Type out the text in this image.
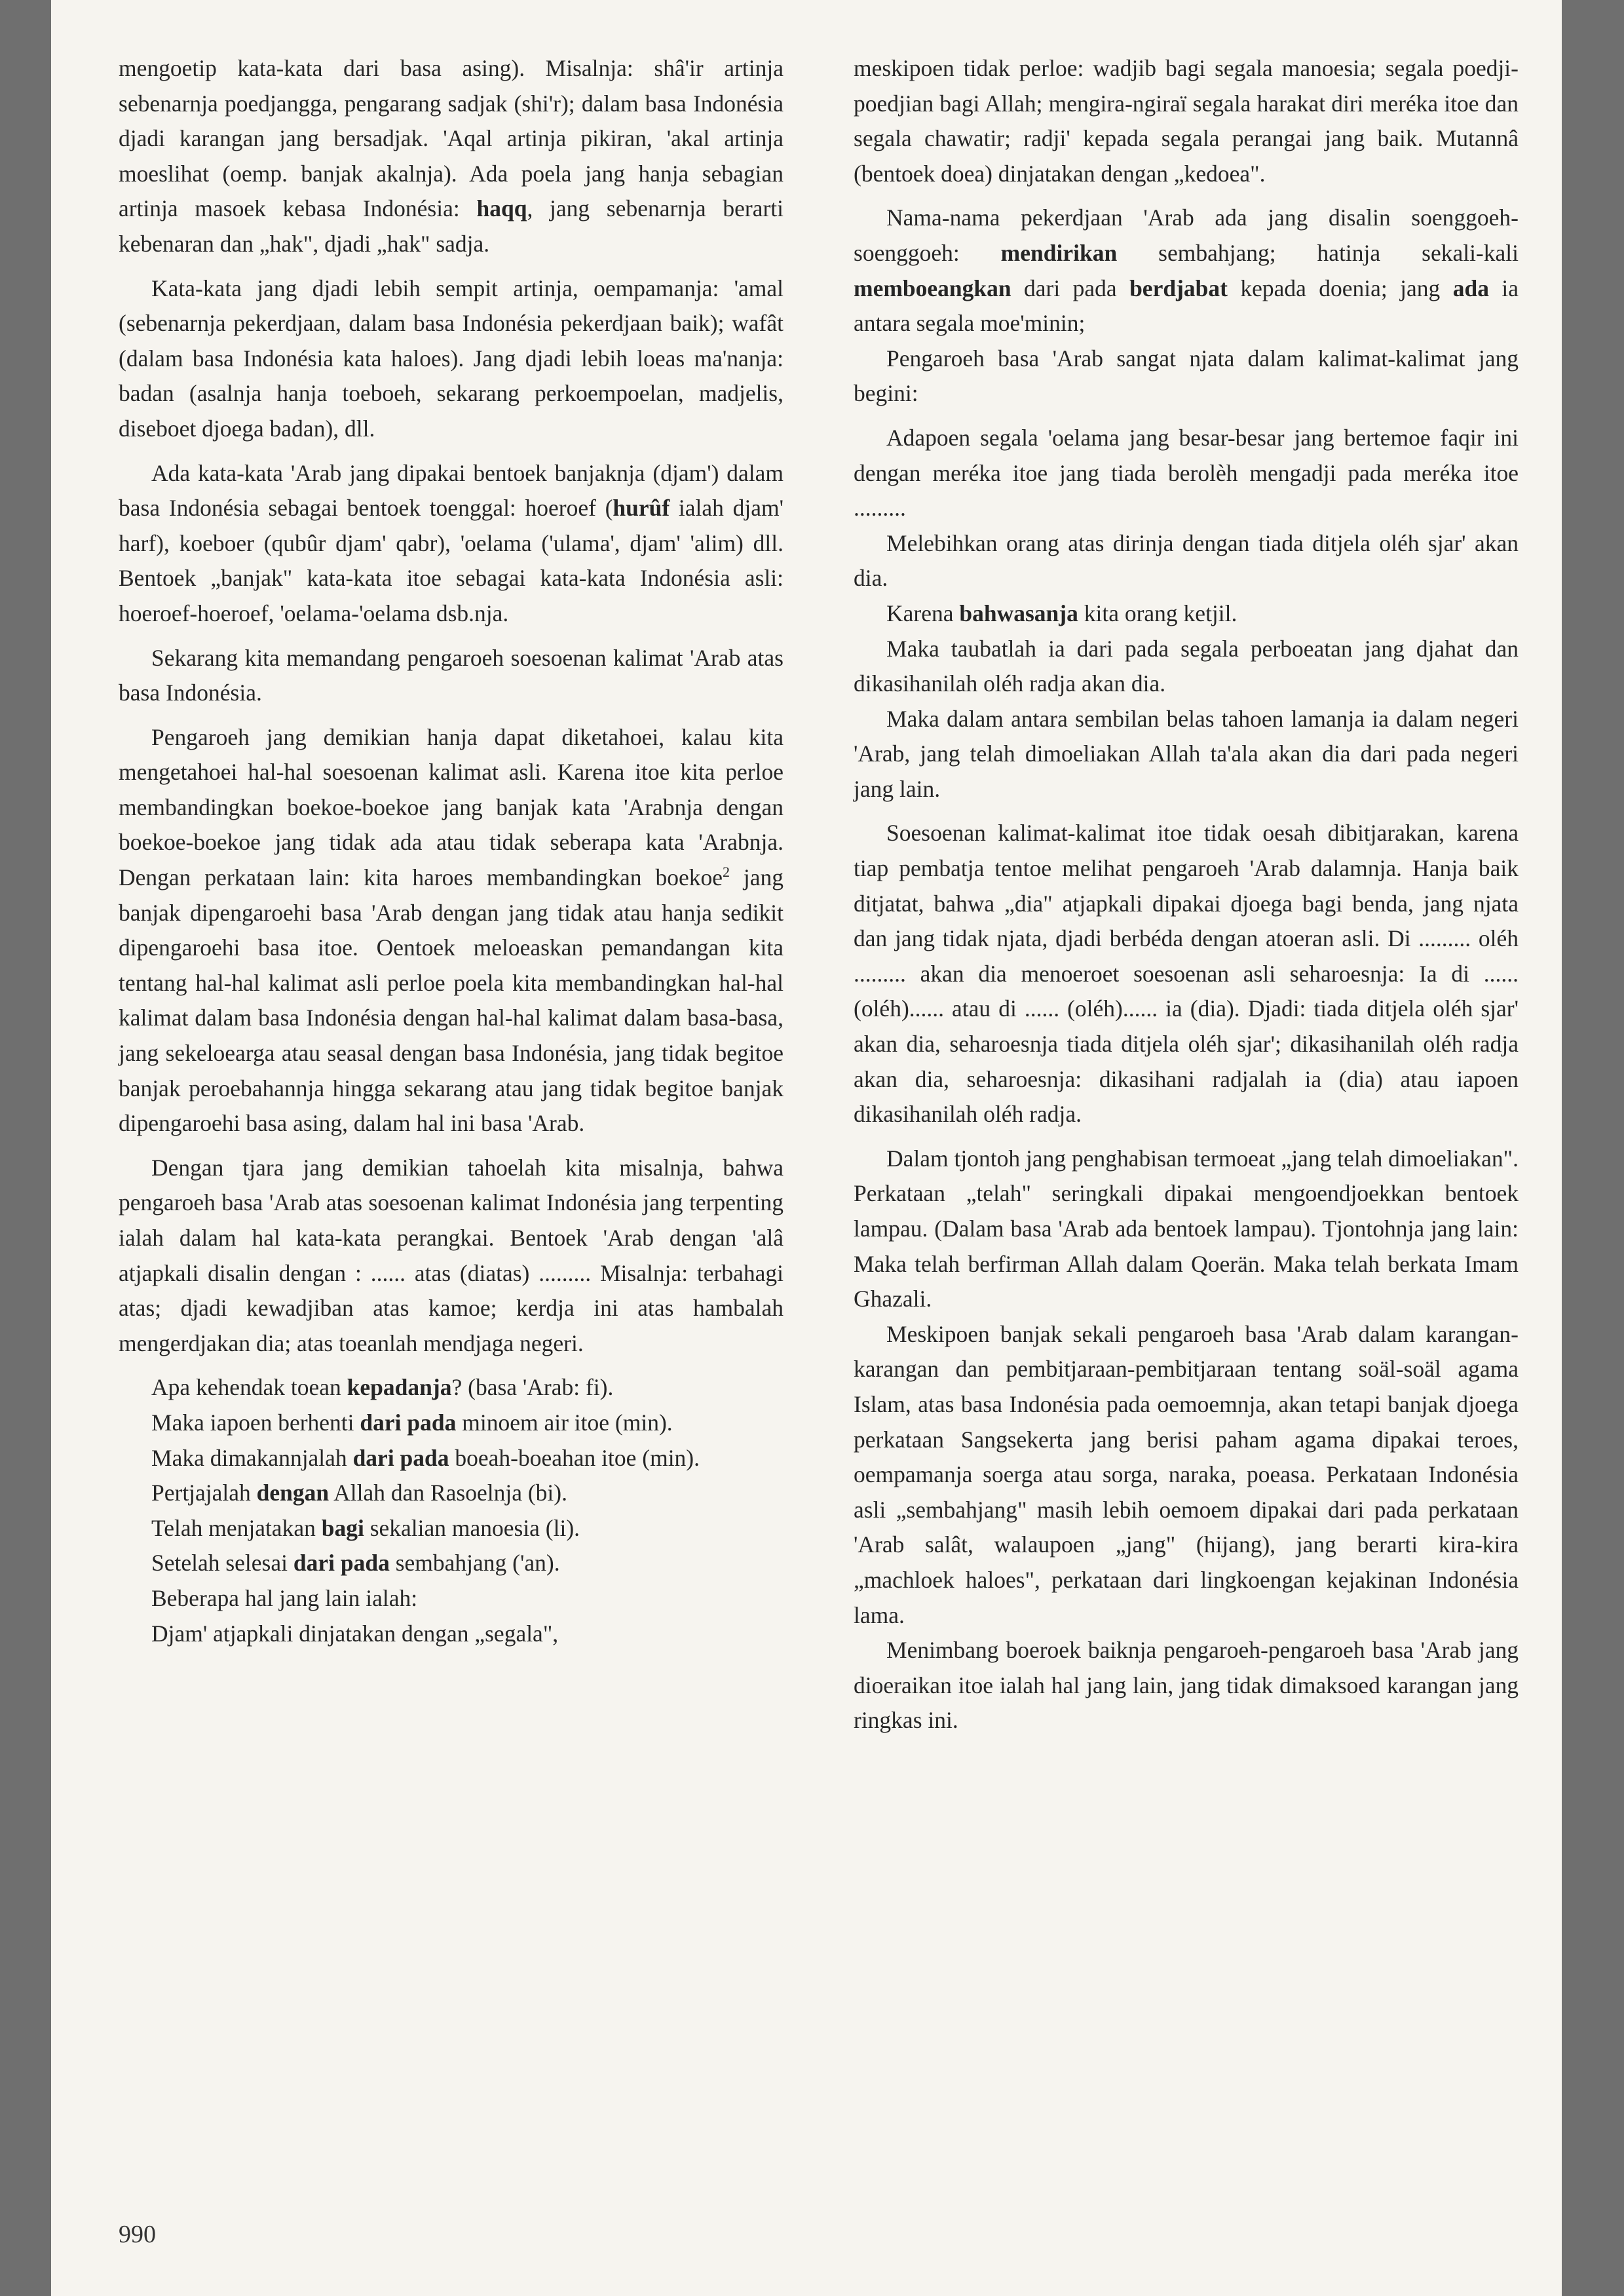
mengoetip kata-kata dari basa asing). Misalnja: shâ'ir artinja sebenarnja poedjangga, pengarang sadjak (shi'r); dalam basa Indonésia djadi karangan jang bersadjak. 'Aqal artinja pikiran, 'akal artinja moeslihat (oemp. banjak akalnja). Ada poela jang hanja sebagian artinja masoek kebasa Indonésia: haqq, jang sebenarnja berarti kebenaran dan „hak", djadi „hak" sadja.

Kata-kata jang djadi lebih sempit artinja, oempamanja: 'amal (sebenarnja pekerdjaan, dalam basa Indonésia pekerdjaan baik); wafât (dalam basa Indonésia kata haloes). Jang djadi lebih loeas ma'nanja: badan (asalnja hanja toeboeh, sekarang perkoempoelan, madjelis, diseboet djoega badan), dll.

Ada kata-kata 'Arab jang dipakai bentoek banjaknja (djam') dalam basa Indonésia sebagai bentoek toenggal: hoeroef (hurûf ialah djam' harf), koeboer (qubûr djam' qabr), 'oelama ('ulama', djam' 'alim) dll. Bentoek „banjak" kata-kata itoe sebagai kata-kata Indonésia asli: hoeroef-hoeroef, 'oelama-'oelama dsb.nja.

Sekarang kita memandang pengaroeh soesoenan kalimat 'Arab atas basa Indonésia.

Pengaroeh jang demikian hanja dapat diketahoei, kalau kita mengetahoei hal-hal soesoenan kalimat asli. Karena itoe kita perloe membandingkan boekoe-boekoe jang banjak kata 'Arabnja dengan boekoe-boekoe jang tidak ada atau tidak seberapa kata 'Arabnja. Dengan perkataan lain: kita haroes membandingkan boekoe$^2$ jang banjak dipengaroehi basa 'Arab dengan jang tidak atau hanja sedikit dipengaroehi basa itoe. Oentoek meloeaskan pemandangan kita tentang hal-hal kalimat asli perloe poela kita membandingkan hal-hal kalimat dalam basa Indonésia dengan hal-hal kalimat dalam basa-basa, jang sekeloearga atau seasal dengan basa Indonésia, jang tidak begitoe banjak peroebahannja hingga sekarang atau jang tidak begitoe banjak dipengaroehi basa asing, dalam hal ini basa 'Arab.

Dengan tjara jang demikian tahoelah kita misalnja, bahwa pengaroeh basa 'Arab atas soesoenan kalimat Indonésia jang terpenting ialah dalam hal kata-kata perangkai. Bentoek 'Arab dengan 'alâ atjapkali disalin dengan : ...... atas (diatas) ......... Misalnja: terbahagi atas; djadi kewadjiban atas kamoe; kerdja ini atas hambalah mengerdjakan dia; atas toeanlah mendjaga negeri.

Apa kehendak toean kepadanja? (basa 'Arab: fi).

Maka iapoen berhenti dari pada minoem air itoe (min).

Maka dimakannjalah dari pada boeah-boeahan itoe (min).

Pertjajalah dengan Allah dan Rasoelnja (bi).

Telah menjatakan bagi sekalian manoesia (li).

Setelah selesai dari pada sembahjang ('an).

Beberapa hal jang lain ialah:

Djam' atjapkali dinjatakan dengan „segala",

meskipoen tidak perloe: wadjib bagi segala manoesia; segala poedji-poedjian bagi Allah; mengira-ngiraï segala harakat diri meréka itoe dan segala chawatir; radji' kepada segala perangai jang baik. Mutannâ (bentoek doea) dinjatakan dengan „kedoea".

Nama-nama pekerdjaan 'Arab ada jang disalin soenggoeh-soenggoeh: mendirikan sembahjang; hatinja sekali-kali memboeangkan dari pada berdjabat kepada doenia; jang ada ia antara segala moe'minin;

Pengaroeh basa 'Arab sangat njata dalam kalimat-kalimat jang begini:

Adapoen segala 'oelama jang besar-besar jang bertemoe faqir ini dengan meréka itoe jang tiada berolèh mengadji pada meréka itoe .........

Melebihkan orang atas dirinja dengan tiada ditjela oléh sjar' akan dia.

Karena bahwasanja kita orang ketjil.

Maka taubatlah ia dari pada segala perboeatan jang djahat dan dikasihanilah oléh radja akan dia.

Maka dalam antara sembilan belas tahoen lamanja ia dalam negeri 'Arab, jang telah dimoeliakan Allah ta'ala akan dia dari pada negeri jang lain.

Soesoenan kalimat-kalimat itoe tidak oesah dibitjarakan, karena tiap pembatja tentoe melihat pengaroeh 'Arab dalamnja. Hanja baik ditjatat, bahwa „dia" atjapkali dipakai djoega bagi benda, jang njata dan jang tidak njata, djadi berbéda dengan atoeran asli. Di ......... oléh ......... akan dia menoeroet soesoenan asli seharoesnja: Ia di ...... (oléh)...... atau di ...... (oléh)...... ia (dia). Djadi: tiada ditjela oléh sjar' akan dia, seharoesnja tiada ditjela oléh sjar'; dikasihanilah oléh radja akan dia, seharoesnja: dikasihani radjalah ia (dia) atau iapoen dikasihanilah oléh radja.

Dalam tjontoh jang penghabisan termoeat „jang telah dimoeliakan". Perkataan „telah" seringkali dipakai mengoendjoekkan bentoek lampau. (Dalam basa 'Arab ada bentoek lampau). Tjontohnja jang lain: Maka telah berfirman Allah dalam Qoerän. Maka telah berkata Imam Ghazali.

Meskipoen banjak sekali pengaroeh basa 'Arab dalam karangan-karangan dan pembitjaraan-pembitjaraan tentang soäl-soäl agama Islam, atas basa Indonésia pada oemoemnja, akan tetapi banjak djoega perkataan Sangsekerta jang berisi paham agama dipakai teroes, oempamanja soerga atau sorga, naraka, poeasa. Perkataan Indonésia asli „sembahjang" masih lebih oemoem dipakai dari pada perkataan 'Arab salât, walaupoen „jang" (hijang), jang berarti kira-kira „machloek haloes", perkataan dari lingkoengan kejakinan Indonésia lama.

Menimbang boeroek baiknja pengaroeh-pengaroeh basa 'Arab jang dioeraikan itoe ialah hal jang lain, jang tidak dimaksoed karangan jang ringkas ini.

990
